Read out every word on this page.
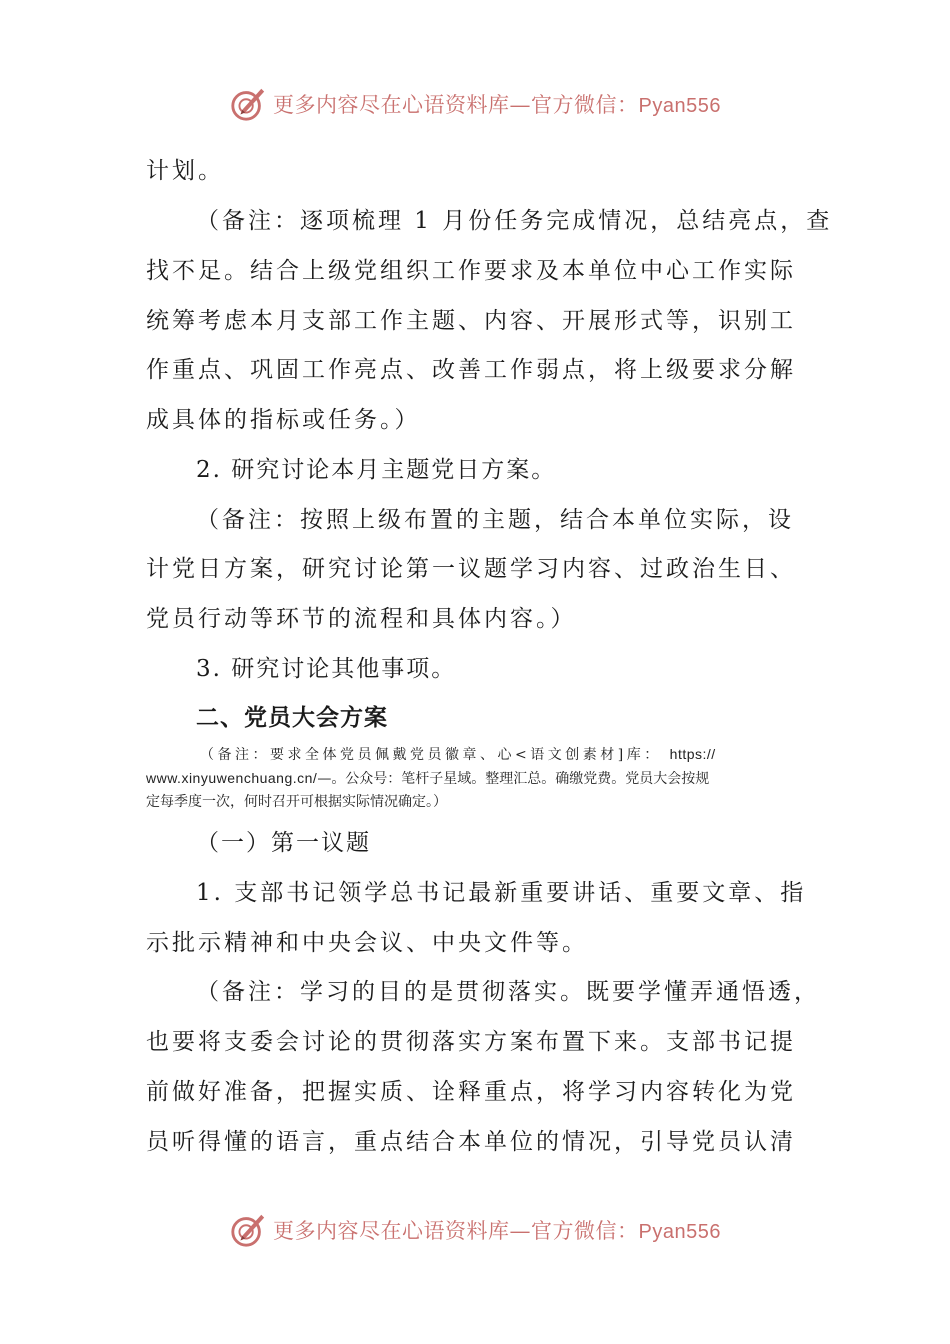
更多内容尽在心语资料库—官方微信：Pyan556
计划。
（备注：逐项梳理 1 月份任务完成情况，总结亮点，查
找不足。结合上级党组织工作要求及本单位中心工作实际
统筹考虑本月支部工作主题、内容、开展形式等，识别工
作重点、巩固工作亮点、改善工作弱点，将上级要求分解
成具体的指标或任务。）
2. 研究讨论本月主题党日方案。
（备注：按照上级布置的主题，结合本单位实际，设
计党日方案，研究讨论第一议题学习内容、过政治生日、
党员行动等环节的流程和具体内容。）
3. 研究讨论其他事项。
二、党员大会方案
（备注：要求全体党员佩戴党员徽章、心<语文创素材]库： https://
www.xinyuwenchuang.cn/—。公众号：笔杆子星域。整理汇总。确缴党费。党员大会按规
定每季度一次，何时召开可根据实际情况确定。）
（一）第一议题
1. 支部书记领学总书记最新重要讲话、重要文章、指
示批示精神和中央会议、中央文件等。
（备注：学习的目的是贯彻落实。既要学懂弄通悟透，
也要将支委会讨论的贯彻落实方案布置下来。支部书记提
前做好准备，把握实质、诠释重点，将学习内容转化为党
员听得懂的语言，重点结合本单位的情况，引导党员认清
更多内容尽在心语资料库—官方微信：Pyan556
